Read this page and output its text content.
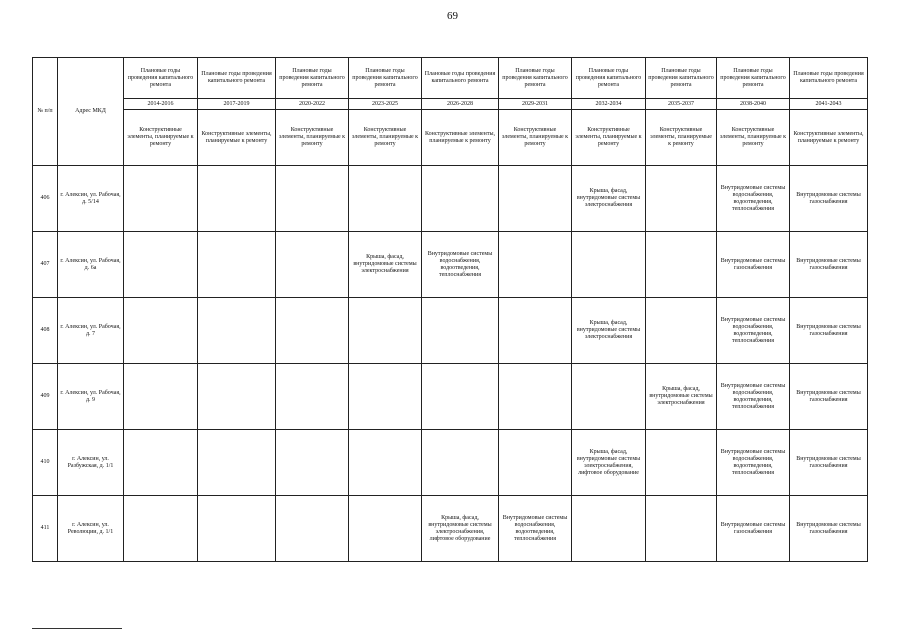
69
№ п/п	Адрес МКД	Плановые годы проведения капитального ремонта	Плановые годы проведения капитального ремонта	Плановые годы проведения капитального ремонта	Плановые годы проведения капитального ремонта	Плановые годы проведения капитального ремонта	Плановые годы проведения капитального ремонта	Плановые годы проведения капитального ремонта	Плановые годы проведения капитального ремонта	Плановые годы проведения капитального ремонта	Плановые годы проведения капитального ремонта
		2014-2016	2017-2019	2020-2022	2023-2025	2026-2028	2029-2031	2032-2034	2035-2037	2038-2040	2041-2043
		Конструктивные элементы, планируемые к ремонту	Конструктивные элементы, планируемые к ремонту	Конструктивные элементы, планируемые к ремонту	Конструктивные элементы, планируемые к ремонту	Конструктивные элементы, планируемые к ремонту	Конструктивные элементы, планируемые к ремонту	Конструктивные элементы, планируемые к ремонту	Конструктивные элементы, планируемые к ремонту	Конструктивные элементы, планируемые к ремонту	Конструктивные элементы, планируемые к ремонту
406	г. Алексин, ул. Рабочая, д. 5/14							Крыша, фасад, внутридомовые системы электроснабжения		Внутридомовые системы водоснабжения, водоотведения, теплоснабжения	Внутридомовые системы газоснабжения
407	г. Алексин, ул. Рабочая, д. 6а				Крыша, фасад, внутридомовые системы электроснабжения	Внутридомовые системы водоснабжения, водоотведения, теплоснабжения				Внутридомовые системы газоснабжения	Внутридомовые системы газоснабжения
408	г. Алексин, ул. Рабочая, д. 7							Крыша, фасад, внутридомовые системы электроснабжения		Внутридомовые системы водоснабжения, водоотведения, теплоснабжения	Внутридомовые системы газоснабжения
409	г. Алексин, ул. Рабочая, д. 9								Крыша, фасад, внутридомовые системы электроснабжения	Внутридомовые системы водоснабжения, водоотведения, теплоснабжения	Внутридомовые системы газоснабжения
410	г. Алексин, ул. Разбужская, д. 1/1							Крыша, фасад, внутридомовые системы электроснабжения, лифтовое оборудование		Внутридомовые системы водоснабжения, водоотведения, теплоснабжения	Внутридомовые системы газоснабжения
411	г. Алексин, ул. Революции, д. 1/1					Крыша, фасад, внутридомовые системы электроснабжения, лифтовое оборудование	Внутридомовые системы водоснабжения, водоотведения, теплоснабжения			Внутридомовые системы газоснабжения	Внутридомовые системы газоснабжения
